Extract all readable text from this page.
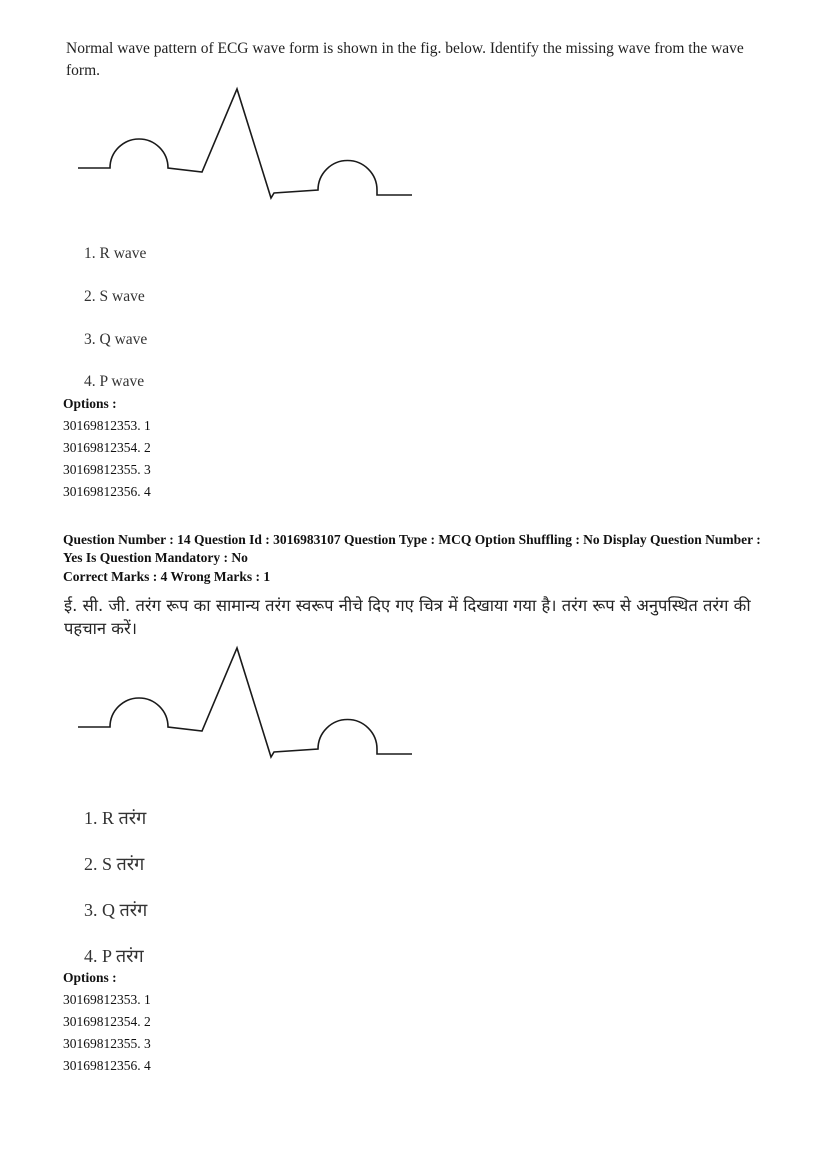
Normal wave pattern of ECG wave form is shown in the fig. below. Identify the missing wave from the wave form.
1. R wave
2. S wave
3. Q wave
4. P wave
Options :
30169812353. 1
30169812354. 2
30169812355. 3
30169812356. 4
Question Number : 14 Question Id : 3016983107 Question Type : MCQ Option Shuffling : No Display Question Number : Yes Is Question Mandatory : No
Correct Marks : 4 Wrong Marks : 1
ई. सी. जी. तरंग रूप का सामान्य तरंग स्वरूप नीचे दिए गए चित्र में दिखाया गया है। तरंग रूप से अनुपस्थित तरंग की पहचान करें।
1. R तरंग
2. S तरंग
3. Q तरंग
4. P तरंग
Options :
30169812353. 1
30169812354. 2
30169812355. 3
30169812356. 4
